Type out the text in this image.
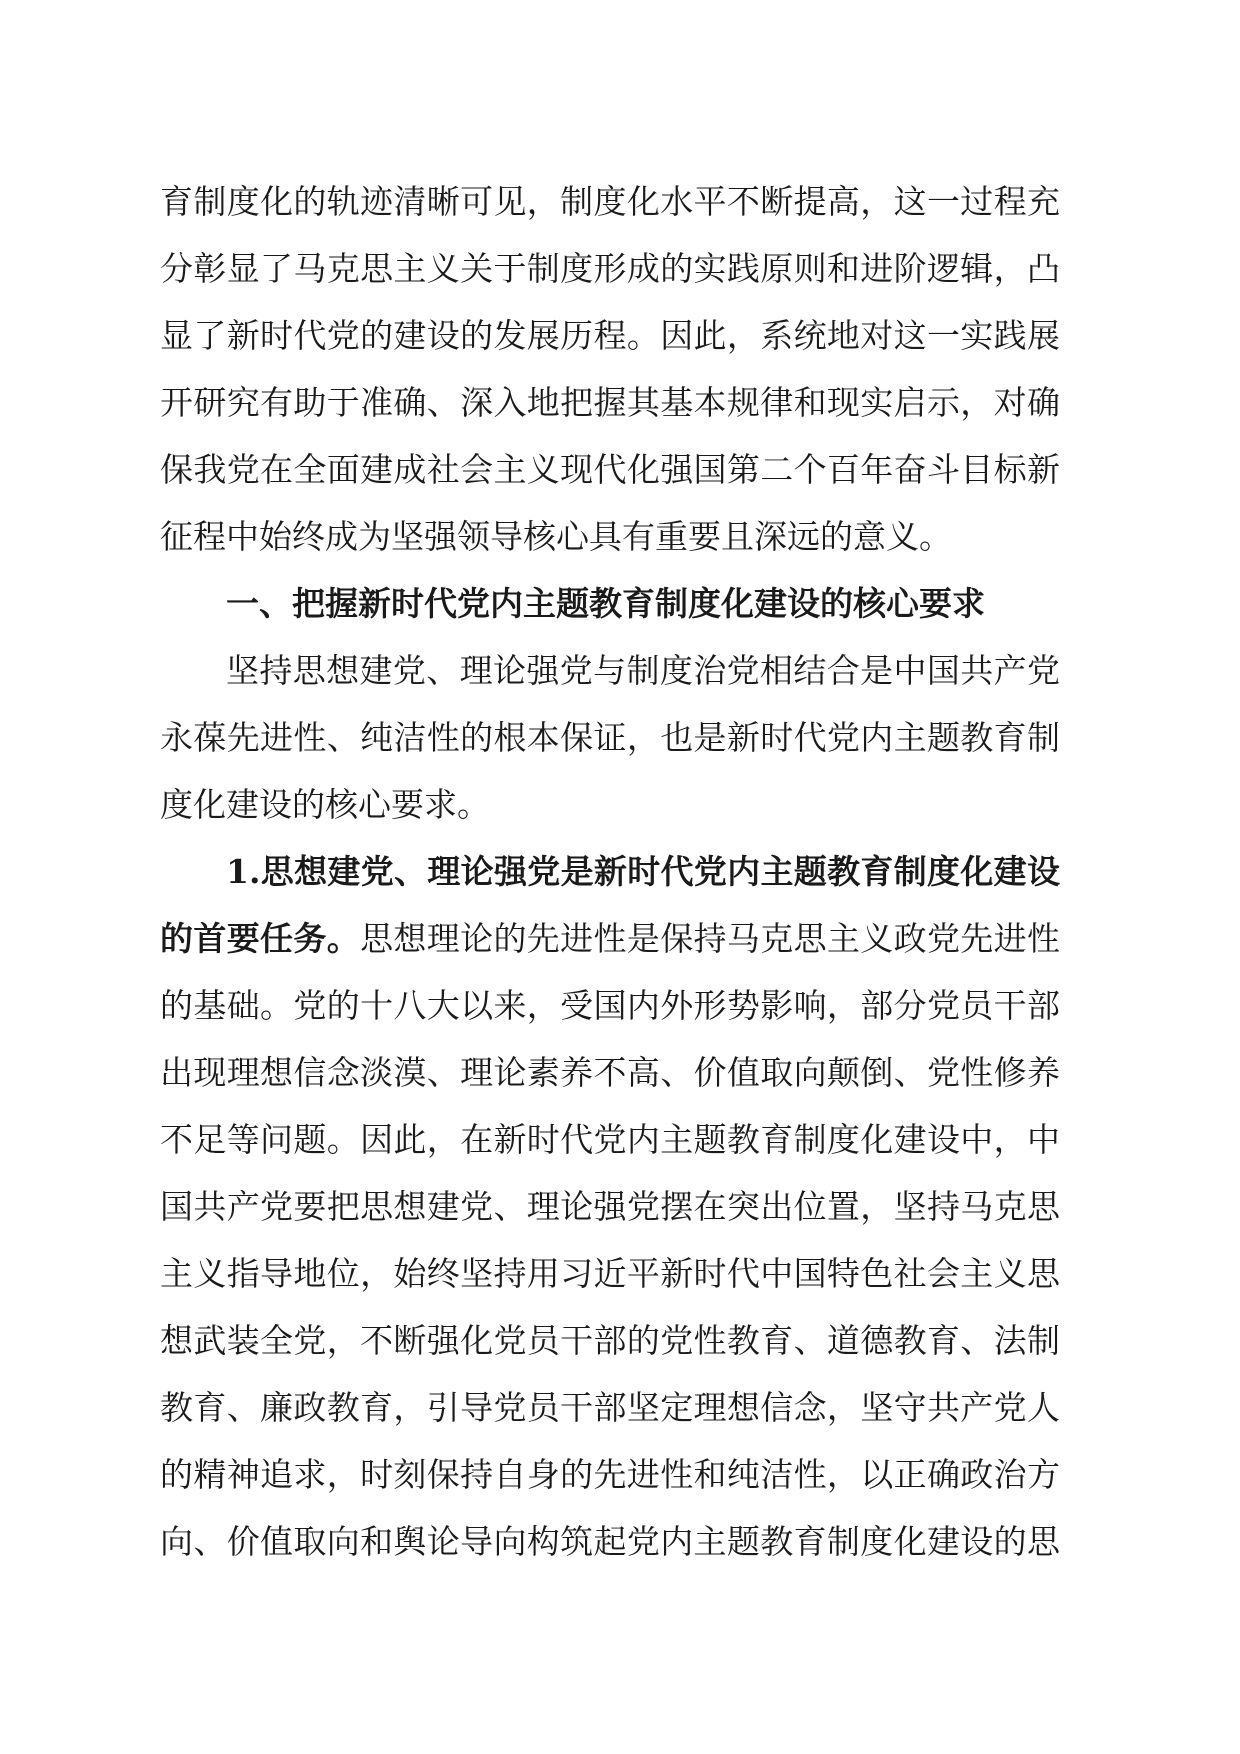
育制度化的轨迹清晰可见，制度化水平不断提高，这一过程充
分彰显了马克思主义关于制度形成的实践原则和进阶逻辑，凸
显了新时代党的建设的发展历程。因此，系统地对这一实践展
开研究有助于准确、深入地把握其基本规律和现实启示，对确
保我党在全面建成社会主义现代化强国第二个百年奋斗目标新
征程中始终成为坚强领导核心具有重要且深远的意义。
一、把握新时代党内主题教育制度化建设的核心要求
坚持思想建党、理论强党与制度治党相结合是中国共产党
永葆先进性、纯洁性的根本保证，也是新时代党内主题教育制
度化建设的核心要求。
1.思想建党、理论强党是新时代党内主题教育制度化建设
的首要任务。思想理论的先进性是保持马克思主义政党先进性
的基础。党的十八大以来，受国内外形势影响，部分党员干部
出现理想信念淡漠、理论素养不高、价值取向颠倒、党性修养
不足等问题。因此，在新时代党内主题教育制度化建设中，中
国共产党要把思想建党、理论强党摆在突出位置，坚持马克思
主义指导地位，始终坚持用习近平新时代中国特色社会主义思
想武装全党，不断强化党员干部的党性教育、道德教育、法制
教育、廉政教育，引导党员干部坚定理想信念，坚守共产党人
的精神追求，时刻保持自身的先进性和纯洁性，以正确政治方
向、价值取向和舆论导向构筑起党内主题教育制度化建设的思
